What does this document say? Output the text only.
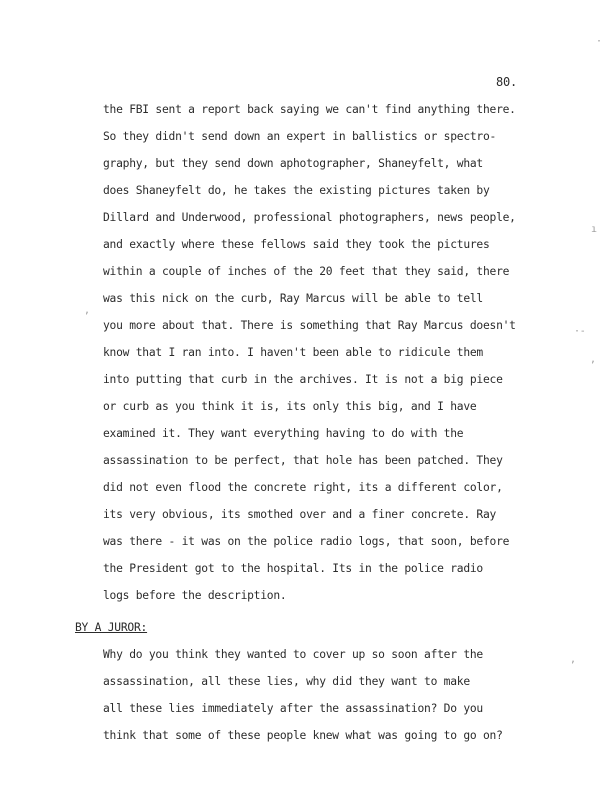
80.
the FBI sent a report back saying we can't find anything there.
So they didn't send down an expert in ballistics or spectro-
graphy, but they send down aphotographer, Shaneyfelt, what
does Shaneyfelt do, he takes the existing pictures taken by
Dillard and Underwood, professional photographers, news people,
and exactly where these fellows said they took the pictures
within a couple of inches of the 20 feet that they said, there
was this nick on the curb, Ray Marcus will be able to tell
you more about that. There is something that Ray Marcus doesn't
know that I ran into. I haven't been able to ridicule them
into putting that curb in the archives. It is not a big piece
or curb as you think it is, its only this big, and I have
examined it. They want everything having to do with the
assassination to be perfect, that hole has been patched. They
did not even flood the concrete right, its a different color,
its very obvious, its smothed over and a finer concrete. Ray
was there - it was on the police radio logs, that soon, before
the President got to the hospital. Its in the police radio
logs before the description.
BY A JUROR:
Why do you think they wanted to cover up so soon after the
assassination, all these lies, why did they want to make
all these lies immediately after the assassination? Do you
think that some of these people knew what was going to go on?
·
ı
‚
·-
,
‚
